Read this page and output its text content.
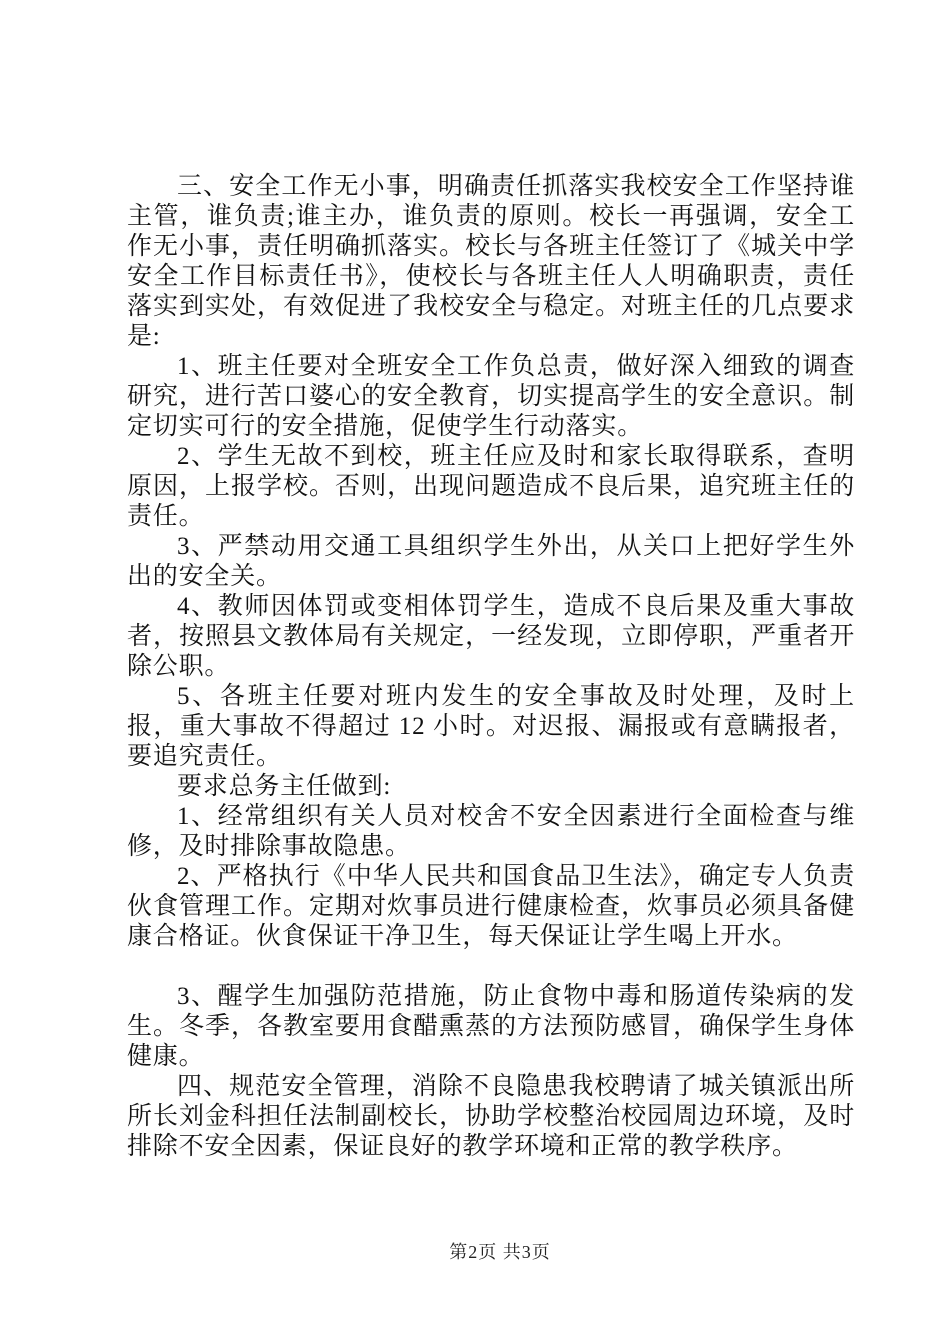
三、安全工作无小事，明确责任抓落实我校安全工作坚持谁主管，谁负责;谁主办，谁负责的原则。校长一再强调，安全工作无小事，责任明确抓落实。校长与各班主任签订了《城关中学安全工作目标责任书》，使校长与各班主任人人明确职责，责任落实到实处，有效促进了我校安全与稳定。对班主任的几点要求是:

1、班主任要对全班安全工作负总责，做好深入细致的调查研究，进行苦口婆心的安全教育，切实提高学生的安全意识。制定切实可行的安全措施，促使学生行动落实。

2、学生无故不到校，班主任应及时和家长取得联系，查明原因，上报学校。否则，出现问题造成不良后果，追究班主任的责任。

3、严禁动用交通工具组织学生外出，从关口上把好学生外出的安全关。

4、教师因体罚或变相体罚学生，造成不良后果及重大事故者，按照县文教体局有关规定，一经发现，立即停职，严重者开除公职。

5、各班主任要对班内发生的安全事故及时处理，及时上报，重大事故不得超过 12 小时。对迟报、漏报或有意瞒报者，要追究责任。

要求总务主任做到:

1、经常组织有关人员对校舍不安全因素进行全面检查与维修，及时排除事故隐患。

2、严格执行《中华人民共和国食品卫生法》，确定专人负责伙食管理工作。定期对炊事员进行健康检查，炊事员必须具备健康合格证。伙食保证干净卫生，每天保证让学生喝上开水。

3、醒学生加强防范措施，防止食物中毒和肠道传染病的发生。冬季，各教室要用食醋熏蒸的方法预防感冒，确保学生身体健康。

四、规范安全管理，消除不良隐患我校聘请了城关镇派出所所长刘金科担任法制副校长，协助学校整治校园周边环境，及时排除不安全因素，保证良好的教学环境和正常的教学秩序。

第2页 共3页
